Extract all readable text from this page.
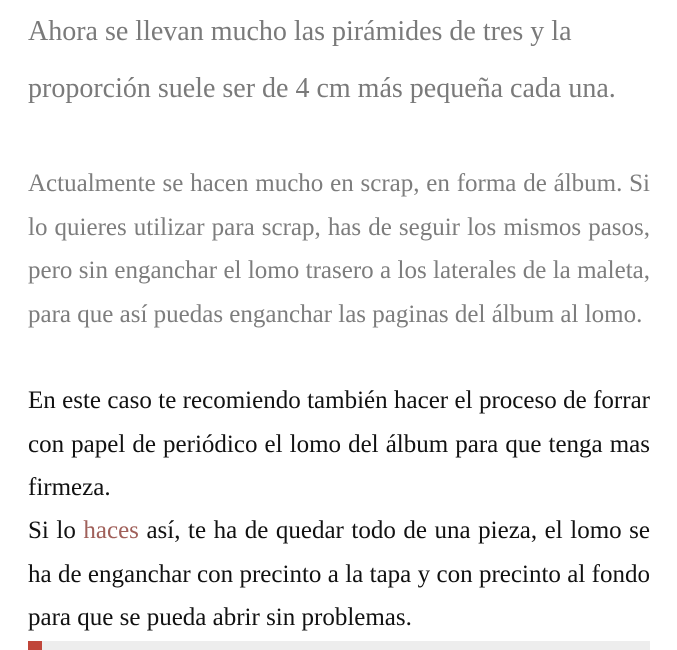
Ahora se llevan mucho las pirámides de tres y la proporción suele ser de 4 cm más pequeña cada una.

Actualmente se hacen mucho en scrap, en forma de álbum. Si lo quieres utilizar para scrap, has de seguir los mismos pasos, pero sin enganchar el lomo trasero a los laterales de la maleta, para que así puedas enganchar las paginas del álbum al lomo.

En este caso te recomiendo también hacer el proceso de forrar con papel de periódico el lomo del álbum para que tenga mas firmeza.

Si lo haces así, te ha de quedar todo de una pieza, el lomo se ha de enganchar con precinto a la tapa y con precinto al fondo para que se pueda abrir sin problemas.
